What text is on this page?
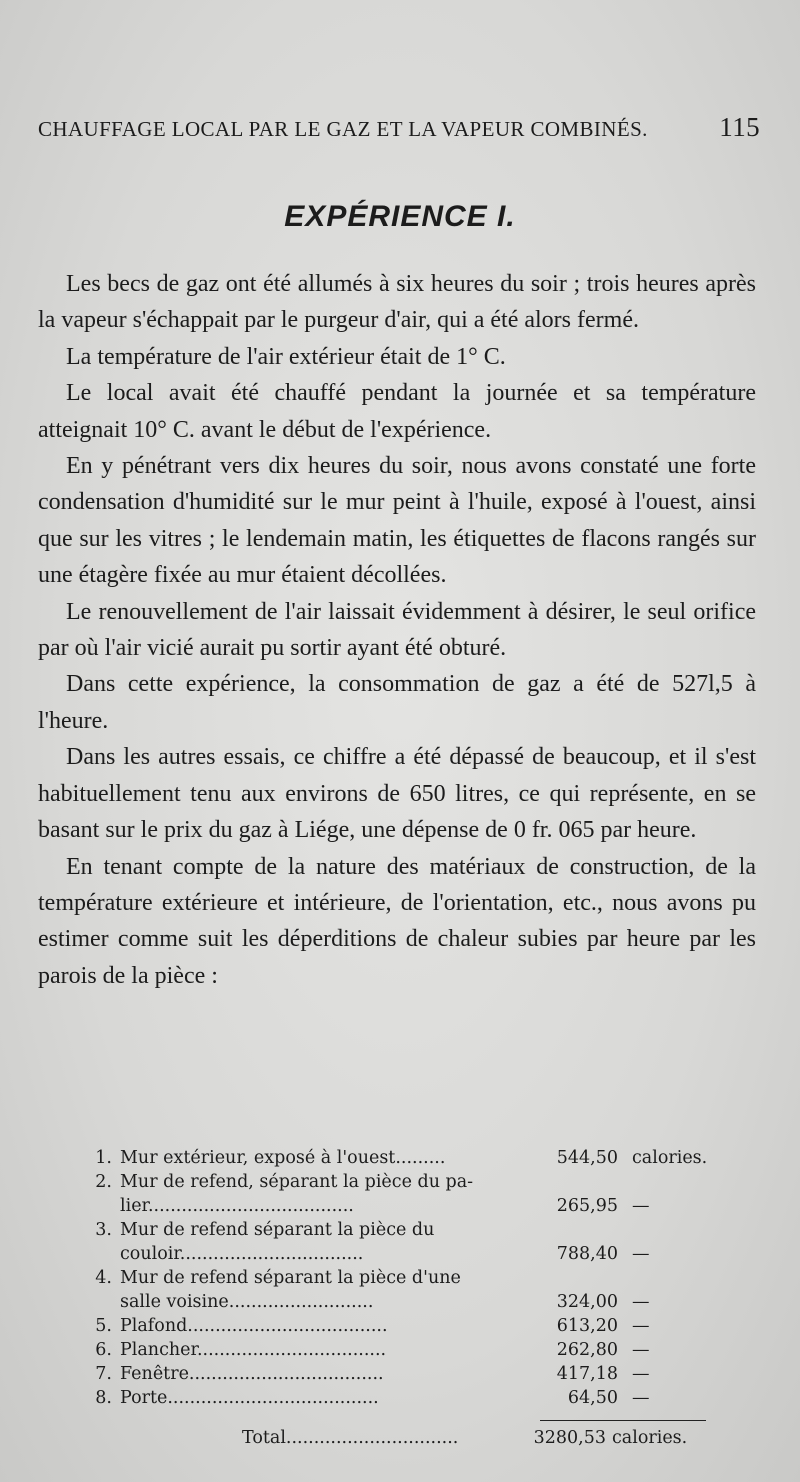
CHAUFFAGE LOCAL PAR LE GAZ ET LA VAPEUR COMBINÉS.	115
EXPÉRIENCE I.

Les becs de gaz ont été allumés à six heures du soir ; trois heures après la vapeur s'échappait par le purgeur d'air, qui a été alors fermé.

La température de l'air extérieur était de 1° C.

Le local avait été chauffé pendant la journée et sa température atteignait 10° C. avant le début de l'expérience.

En y pénétrant vers dix heures du soir, nous avons constaté une forte condensation d'humidité sur le mur peint à l'huile, exposé à l'ouest, ainsi que sur les vitres ; le lendemain matin, les étiquettes de flacons rangés sur une étagère fixée au mur étaient décollées.

Le renouvellement de l'air laissait évidemment à désirer, le seul orifice par où l'air vicié aurait pu sortir ayant été obturé.

Dans cette expérience, la consommation de gaz a été de 527l,5 à l'heure.

Dans les autres essais, ce chiffre a été dépassé de beaucoup, et il s'est habituellement tenu aux environs de 650 litres, ce qui représente, en se basant sur le prix du gaz à Liége, une dépense de 0 fr. 065 par heure.

En tenant compte de la nature des matériaux de construction, de la température extérieure et intérieure, de l'orientation, etc., nous avons pu estimer comme suit les déperditions de chaleur subies par heure par les parois de la pièce :

1. Mur extérieur, exposé à l'ouest.........	544,50 calories.
2. Mur de refend, séparant la pièce du pa-
lier.....................................	265,95 —
3. Mur de refend séparant la pièce du
couloir.................................	788,40 —
4. Mur de refend séparant la pièce d'une
salle voisine..........................	324,00 —
5. Plafond....................................	613,20 —
6. Plancher..................................	262,80 —
7. Fenêtre...................................	417,18 —
8. Porte......................................	64,50 —
Total...............................	3280,53 calories.
